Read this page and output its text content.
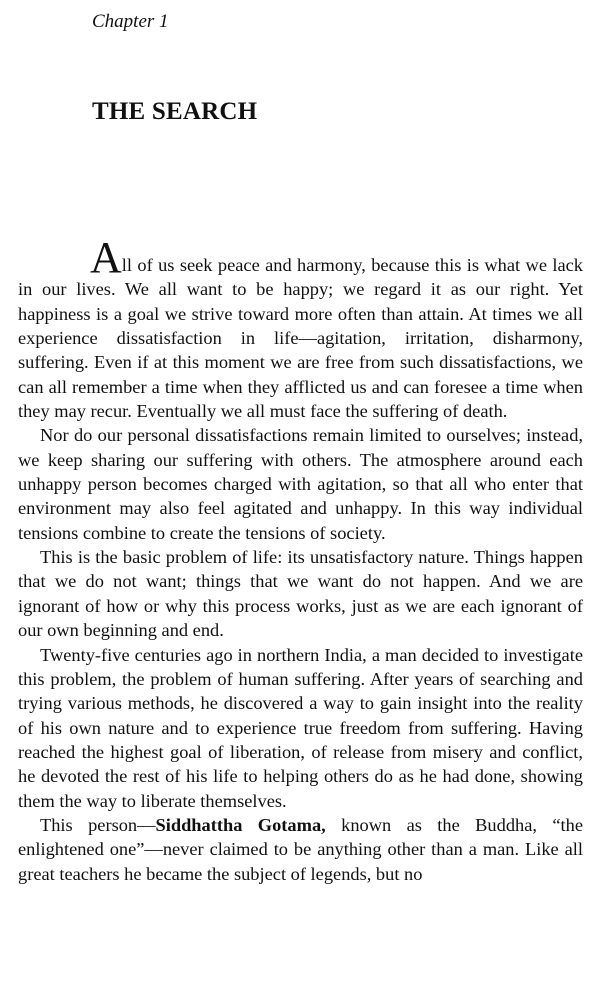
Chapter 1
THE SEARCH

All of us seek peace and harmony, because this is what we lack in our lives. We all want to be happy; we regard it as our right. Yet happiness is a goal we strive toward more often than attain. At times we all experience dissatisfaction in life—agitation, irritation, disharmony, suffering. Even if at this moment we are free from such dissatisfactions, we can all remember a time when they afflicted us and can foresee a time when they may recur. Eventually we all must face the suffering of death.

Nor do our personal dissatisfactions remain limited to ourselves; instead, we keep sharing our suffering with others. The atmosphere around each unhappy person becomes charged with agitation, so that all who enter that environment may also feel agitated and unhappy. In this way individual tensions combine to create the tensions of society.

This is the basic problem of life: its unsatisfactory nature. Things happen that we do not want; things that we want do not happen. And we are ignorant of how or why this process works, just as we are each ignorant of our own beginning and end.

Twenty-five centuries ago in northern India, a man decided to investigate this problem, the problem of human suffering. After years of searching and trying various methods, he discovered a way to gain insight into the reality of his own nature and to experience true freedom from suffering. Having reached the highest goal of liberation, of release from misery and conflict, he devoted the rest of his life to helping others do as he had done, showing them the way to liberate themselves.

This person—Siddhattha Gotama, known as the Buddha, “the enlightened one”—never claimed to be anything other than a man. Like all great teachers he became the subject of legends, but no
